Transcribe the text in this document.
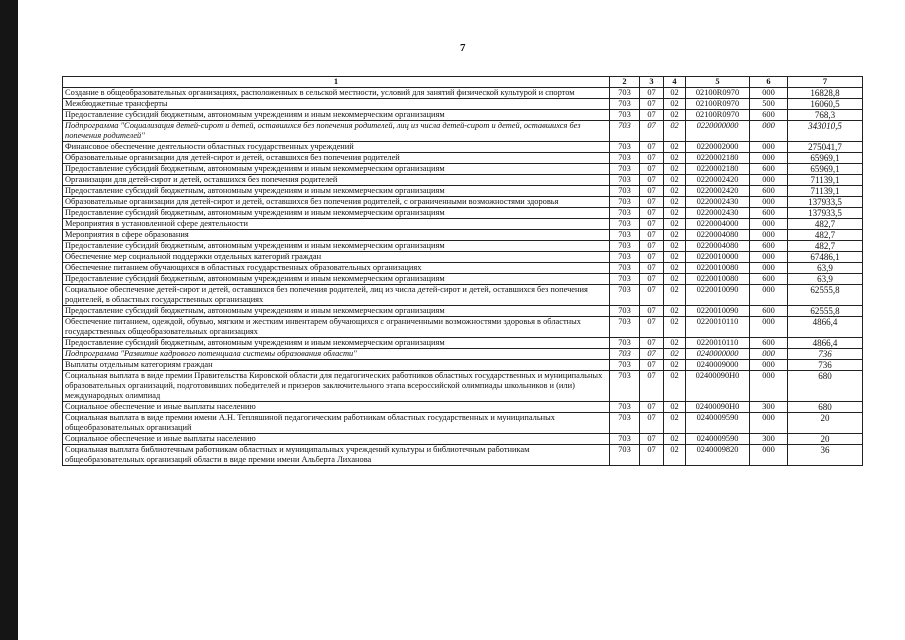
7
1	2	3	4	5	6	7
Создание в общеобразовательных организациях, расположенных в сельской местности, условий для занятий физической культурой и спортом	703	07	02	02100R0970	000	16828,8
Межбюджетные трансферты	703	07	02	02100R0970	500	16060,5
Предоставление субсидий бюджетным, автономным учреждениям и иным некоммерческим организациям	703	07	02	02100R0970	600	768,3
Подпрограмма "Социализация детей-сирот и детей, оставшихся без попечения родителей, лиц из числа детей-сирот и детей, оставшихся без попечения родителей"	703	07	02	0220000000	000	343010,5
Финансовое обеспечение деятельности областных государственных учреждений	703	07	02	0220002000	000	275041,7
Образовательные организации для детей-сирот и детей, оставшихся без попечения родителей	703	07	02	0220002180	000	65969,1
Предоставление субсидий бюджетным, автономным учреждениям и иным некоммерческим организациям	703	07	02	0220002180	600	65969,1
Организации для детей-сирот и детей, оставшихся без попечения родителей	703	07	02	0220002420	000	71139,1
Предоставление субсидий бюджетным, автономным учреждениям и иным некоммерческим организациям	703	07	02	0220002420	600	71139,1
Образовательные организации для детей-сирот и детей, оставшихся без попечения родителей, с ограниченными возможностями здоровья	703	07	02	0220002430	000	137933,5
Предоставление субсидий бюджетным, автономным учреждениям и иным некоммерческим организациям	703	07	02	0220002430	600	137933,5
Мероприятия в установленной сфере деятельности	703	07	02	0220004000	000	482,7
Мероприятия в сфере образования	703	07	02	0220004080	000	482,7
Предоставление субсидий бюджетным, автономным учреждениям и иным некоммерческим организациям	703	07	02	0220004080	600	482,7
Обеспечение мер социальной поддержки отдельных категорий граждан	703	07	02	0220010000	000	67486,1
Обеспечение питанием обучающихся в областных государственных образовательных организациях	703	07	02	0220010080	000	63,9
Предоставление субсидий бюджетным, автономным учреждениям и иным некоммерческим организациям	703	07	02	0220010080	600	63,9
Социальное обеспечение детей-сирот и детей, оставшихся без попечения родителей, лиц из числа детей-сирот и детей, оставшихся без попечения родителей, в областных государственных организациях	703	07	02	0220010090	000	62555,8
Предоставление субсидий бюджетным, автономным учреждениям и иным некоммерческим организациям	703	07	02	0220010090	600	62555,8
Обеспечение питанием, одеждой, обувью, мягким и жестким инвентарем обучающихся с ограниченными возможностями здоровья в областных государственных общеобразовательных организациях	703	07	02	0220010110	000	4866,4
Предоставление субсидий бюджетным, автономным учреждениям и иным некоммерческим организациям	703	07	02	0220010110	600	4866,4
Подпрограмма "Развитие кадрового потенциала системы образования области"	703	07	02	0240000000	000	736
Выплаты отдельным категориям граждан	703	07	02	0240009000	000	736
Социальная выплата в виде премии Правительства Кировской области для педагогических работников областных государственных и муниципальных образовательных организаций, подготовивших победителей и призеров заключительного этапа всероссийской олимпиады школьников и (или) международных олимпиад	703	07	02	02400090H0	000	680
Социальное обеспечение и иные выплаты населению	703	07	02	02400090H0	300	680
Социальная выплата в виде премии имени А.Н. Тепляшиной педагогическим работникам областных государственных и муниципальных общеобразовательных организаций	703	07	02	0240009590	000	20
Социальное обеспечение и иные выплаты населению	703	07	02	0240009590	300	20
Социальная выплата библиотечным работникам областных и муниципальных учреждений культуры и библиотечным работникам общеобразовательных организаций области в виде премии имени Альберта Лиханова	703	07	02	0240009820	000	36
